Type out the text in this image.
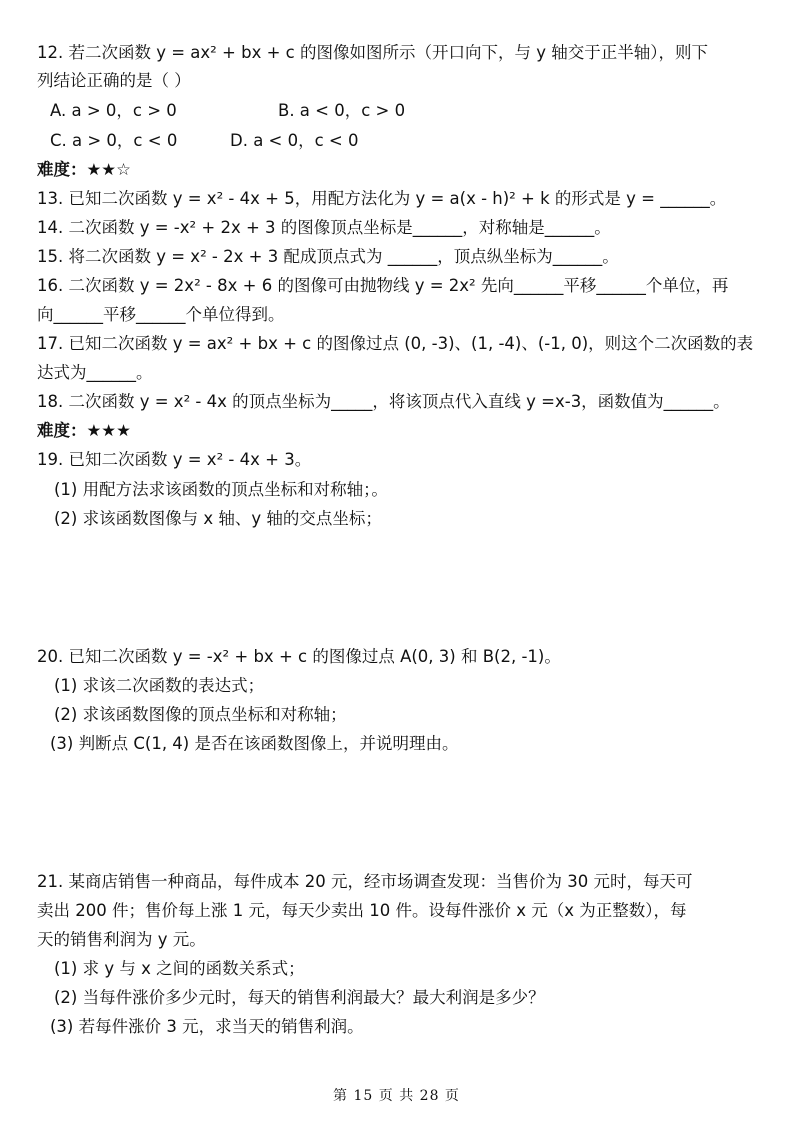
12. 若二次函数 y = ax² + bx + c 的图像如图所示（开口向下，与 y 轴交于正半轴），则下
列结论正确的是（ ）
A. a > 0，c > 0	B. a < 0，c > 0
C. a > 0，c < 0	D. a < 0，c < 0
难度：★★☆
13. 已知二次函数 y = x² - 4x + 5，用配方法化为 y = a(x - h)² + k 的形式是 y = ______。
14. 二次函数 y = -x² + 2x + 3 的图像顶点坐标是______，对称轴是______。
15. 将二次函数 y = x² - 2x + 3 配成顶点式为 ______，顶点纵坐标为______。
16. 二次函数 y = 2x² - 8x + 6 的图像可由抛物线 y = 2x² 先向______平移______个单位，再
向______平移______个单位得到。
17. 已知二次函数 y = ax² + bx + c 的图像过点 (0, -3)、(1, -4)、(-1, 0)，则这个二次函数的表
达式为______。
18. 二次函数 y = x² - 4x 的顶点坐标为_____，将该顶点代入直线 y =x-3，函数值为______。
难度：★★★
19. 已知二次函数 y = x² - 4x + 3。
(1) 用配方法求该函数的顶点坐标和对称轴；。
(2) 求该函数图像与 x 轴、y 轴的交点坐标；
20. 已知二次函数 y = -x² + bx + c 的图像过点 A(0, 3) 和 B(2, -1)。
(1) 求该二次函数的表达式；
(2) 求该函数图像的顶点坐标和对称轴；
(3) 判断点 C(1, 4) 是否在该函数图像上，并说明理由。
21. 某商店销售一种商品，每件成本 20 元，经市场调查发现：当售价为 30 元时，每天可
卖出 200 件；售价每上涨 1 元，每天少卖出 10 件。设每件涨价 x 元（x 为正整数），每
天的销售利润为 y 元。
(1) 求 y 与 x 之间的函数关系式；
(2) 当每件涨价多少元时，每天的销售利润最大？最大利润是多少？
(3) 若每件涨价 3 元，求当天的销售利润。
第 15 页 共 28 页
